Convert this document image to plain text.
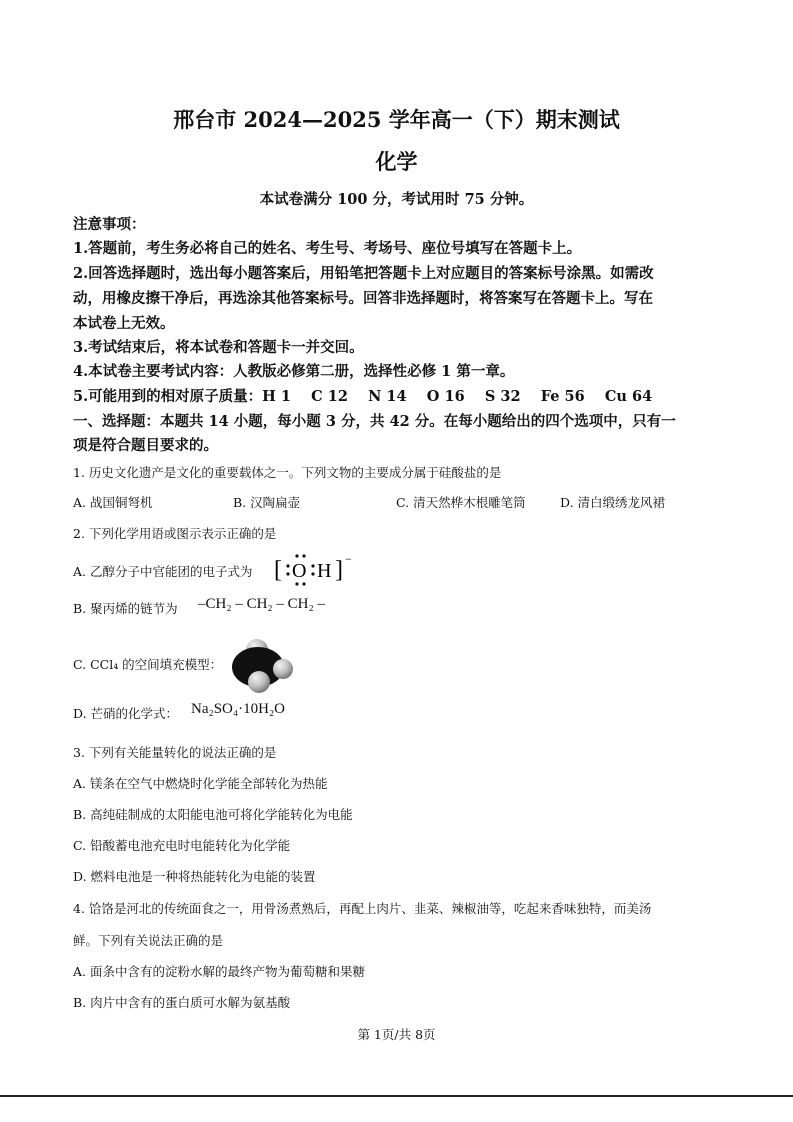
邢台市 2024—2025 学年高一（下）期末测试
化学
本试卷满分 100 分，考试用时 75 分钟。
注意事项：
1.答题前，考生务必将自己的姓名、考生号、考场号、座位号填写在答题卡上。
2.回答选择题时，选出每小题答案后，用铅笔把答题卡上对应题目的答案标号涂黑。如需改
动，用橡皮擦干净后，再选涂其他答案标号。回答非选择题时，将答案写在答题卡上。写在
本试卷上无效。
3.考试结束后，将本试卷和答题卡一并交回。
4.本试卷主要考试内容：人教版必修第二册，选择性必修 1 第一章。
5.可能用到的相对原子质量：H 1    C 12    N 14    O 16    S 32    Fe 56    Cu 64
一、选择题：本题共 14 小题，每小题 3 分，共 42 分。在每小题给出的四个选项中，只有一
项是符合题目要求的。
1. 历史文化遗产是文化的重要载体之一。下列文物的主要成分属于硅酸盐的是
A. 战国铜弩机	B. 汉陶扁壶	C. 清天然桦木根雕笔筒	D. 清白缎绣龙风裙
2. 下列化学用语或图示表示正确的是
A. 乙醇分子中官能团的电子式为 [ O H ] −
B. 聚丙烯的链节为 –CH₂ – CH₂ – CH₂ –
C. CCl₄ 的空间填充模型：
D. 芒硝的化学式： Na₂SO₄·10H₂O
3. 下列有关能量转化的说法正确的是
A. 镁条在空气中燃烧时化学能全部转化为热能
B. 高纯硅制成的太阳能电池可将化学能转化为电能
C. 铅酸蓄电池充电时电能转化为化学能
D. 燃料电池是一种将热能转化为电能的装置
4. 饸饹是河北的传统面食之一，用骨汤煮熟后，再配上肉片、韭菜、辣椒油等，吃起来香味独特，而美汤
鲜。下列有关说法正确的是
A. 面条中含有的淀粉水解的最终产物为葡萄糖和果糖
B. 肉片中含有的蛋白质可水解为氨基酸
第 1页/共 8页
